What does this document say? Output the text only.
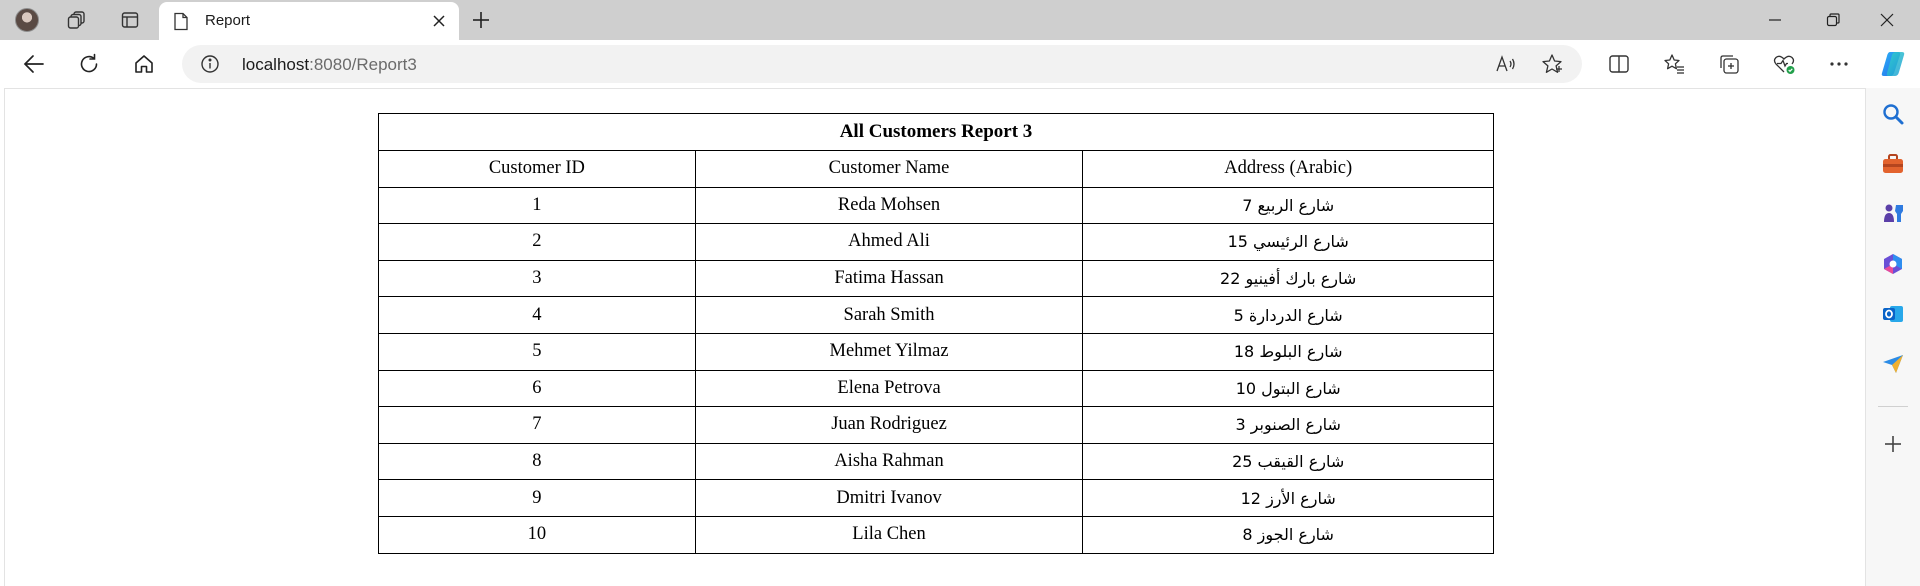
Report
localhost:8080/Report3
All Customers Report 3		
Customer ID	Customer Name	Address (Arabic)
1	Reda Mohsen	شارع الربيع 7
2	Ahmed Ali	شارع الرئيسي 15
3	Fatima Hassan	شارع بارك أفينيو 22
4	Sarah Smith	شارع الدردارة 5
5	Mehmet Yilmaz	شارع البلوط 18
6	Elena Petrova	شارع البتول 10
7	Juan Rodriguez	شارع الصنوبر 3
8	Aisha Rahman	شارع القيقب 25
9	Dmitri Ivanov	شارع الأرز 12
10	Lila Chen	شارع الجوز 8
